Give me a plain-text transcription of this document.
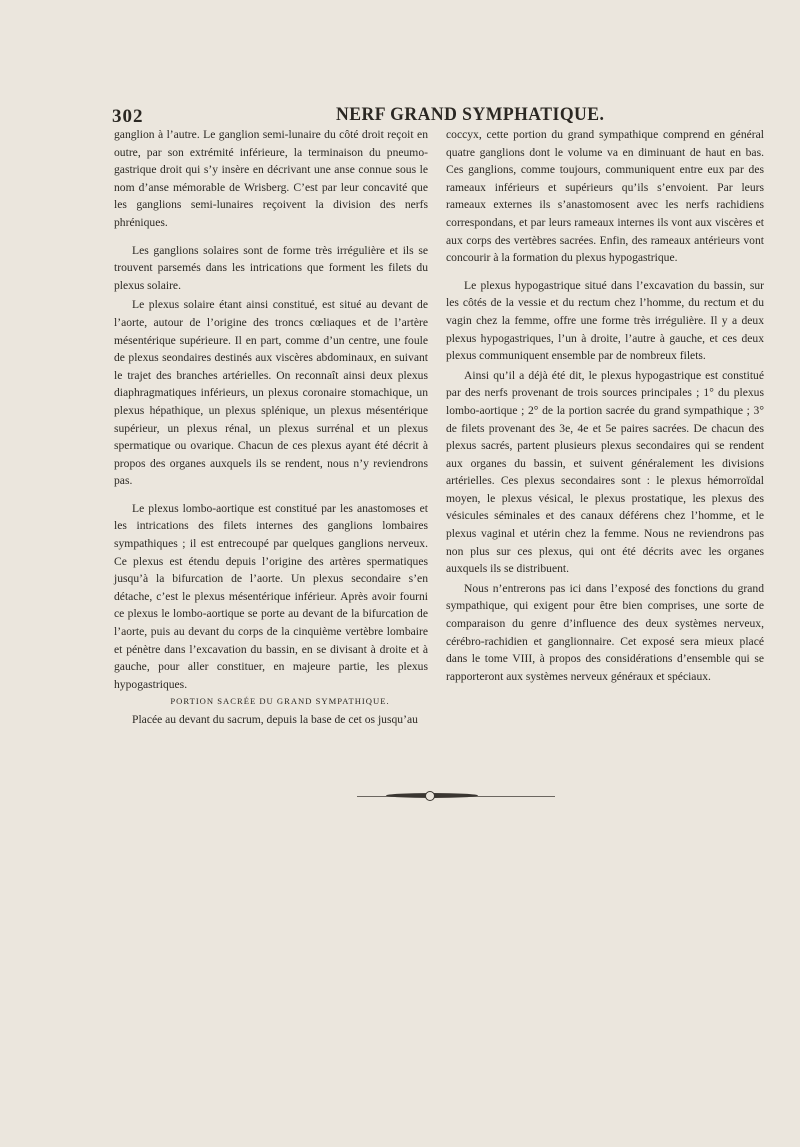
302	NERF GRAND SYMPHATIQUE.

ganglion à l’autre. Le ganglion semi-lunaire du côté droit reçoit en outre, par son extrémité inférieure, la terminaison du pneumo-gastrique droit qui s’y insère en décrivant une anse connue sous le nom d’anse mémorable de Wrisberg. C’est par leur concavité que les ganglions semi-lunaires reçoivent la division des nerfs phréniques.

Les ganglions solaires sont de forme très irrégulière et ils se trouvent parsemés dans les intrications que forment les filets du plexus solaire.

Le plexus solaire étant ainsi constitué, est situé au devant de l’aorte, autour de l’origine des troncs cœliaques et de l’artère mésentérique supérieure. Il en part, comme d’un centre, une foule de plexus seondaires destinés aux viscères abdominaux, en suivant le trajet des branches artérielles. On reconnaît ainsi deux plexus diaphragmatiques inférieurs, un plexus coronaire stomachique, un plexus hépathique, un plexus splénique, un plexus mésentérique supérieur, un plexus rénal, un plexus surrénal et un plexus spermatique ou ovarique. Chacun de ces plexus ayant été décrit à propos des organes auxquels ils se rendent, nous n’y reviendrons pas.

Le plexus lombo-aortique est constitué par les anastomoses et les intrications des filets internes des ganglions lombaires sympathiques ; il est entrecoupé par quelques ganglions nerveux. Ce plexus est étendu depuis l’origine des artères spermatiques jusqu’à la bifurcation de l’aorte. Un plexus secondaire s’en détache, c’est le plexus mésentérique inférieur. Après avoir fourni ce plexus le lombo-aortique se porte au devant de la bifurcation de l’aorte, puis au devant du corps de la cinquième vertèbre lombaire et pénètre dans l’excavation du bassin, en se divisant à droite et à gauche, pour aller constituer, en majeure partie, les plexus hypogastriques.

PORTION SACRÉE DU GRAND SYMPATHIQUE.

Placée au devant du sacrum, depuis la base de cet os jusqu’au

coccyx, cette portion du grand sympathique comprend en général quatre ganglions dont le volume va en diminuant de haut en bas. Ces ganglions, comme toujours, communiquent entre eux par des rameaux inférieurs et supérieurs qu’ils s’envoient. Par leurs rameaux externes ils s’anastomosent avec les nerfs rachidiens correspondans, et par leurs rameaux internes ils vont aux viscères et aux corps des vertèbres sacrées. Enfin, des rameaux antérieurs vont concourir à la formation du plexus hypogastrique.

Le plexus hypogastrique situé dans l’excavation du bassin, sur les côtés de la vessie et du rectum chez l’homme, du rectum et du vagin chez la femme, offre une forme très irrégulière. Il y a deux plexus hypogastriques, l’un à droite, l’autre à gauche, et ces deux plexus communiquent ensemble par de nombreux filets.

Ainsi qu’il a déjà été dit, le plexus hypogastrique est constitué par des nerfs provenant de trois sources principales ; 1° du plexus lombo-aortique ; 2° de la portion sacrée du grand sympathique ; 3° de filets provenant des 3e, 4e et 5e paires sacrées. De chacun des plexus sacrés, partent plusieurs plexus secondaires qui se rendent aux organes du bassin, et suivent généralement les divisions artérielles. Ces plexus secondaires sont : le plexus hémorroïdal moyen, le plexus vésical, le plexus prostatique, les plexus des vésicules séminales et des canaux déférens chez l’homme, et le plexus vaginal et utérin chez la femme. Nous ne reviendrons pas non plus sur ces plexus, qui ont été décrits avec les organes auxquels ils se distribuent.

Nous n’entrerons pas ici dans l’exposé des fonctions du grand sympathique, qui exigent pour être bien comprises, une sorte de comparaison du genre d’influence des deux systèmes nerveux, cérébro-rachidien et ganglionnaire. Cet exposé sera mieux placé dans le tome VIII, à propos des considérations d’ensemble qui se rapporteront aux systèmes nerveux généraux et spéciaux.
